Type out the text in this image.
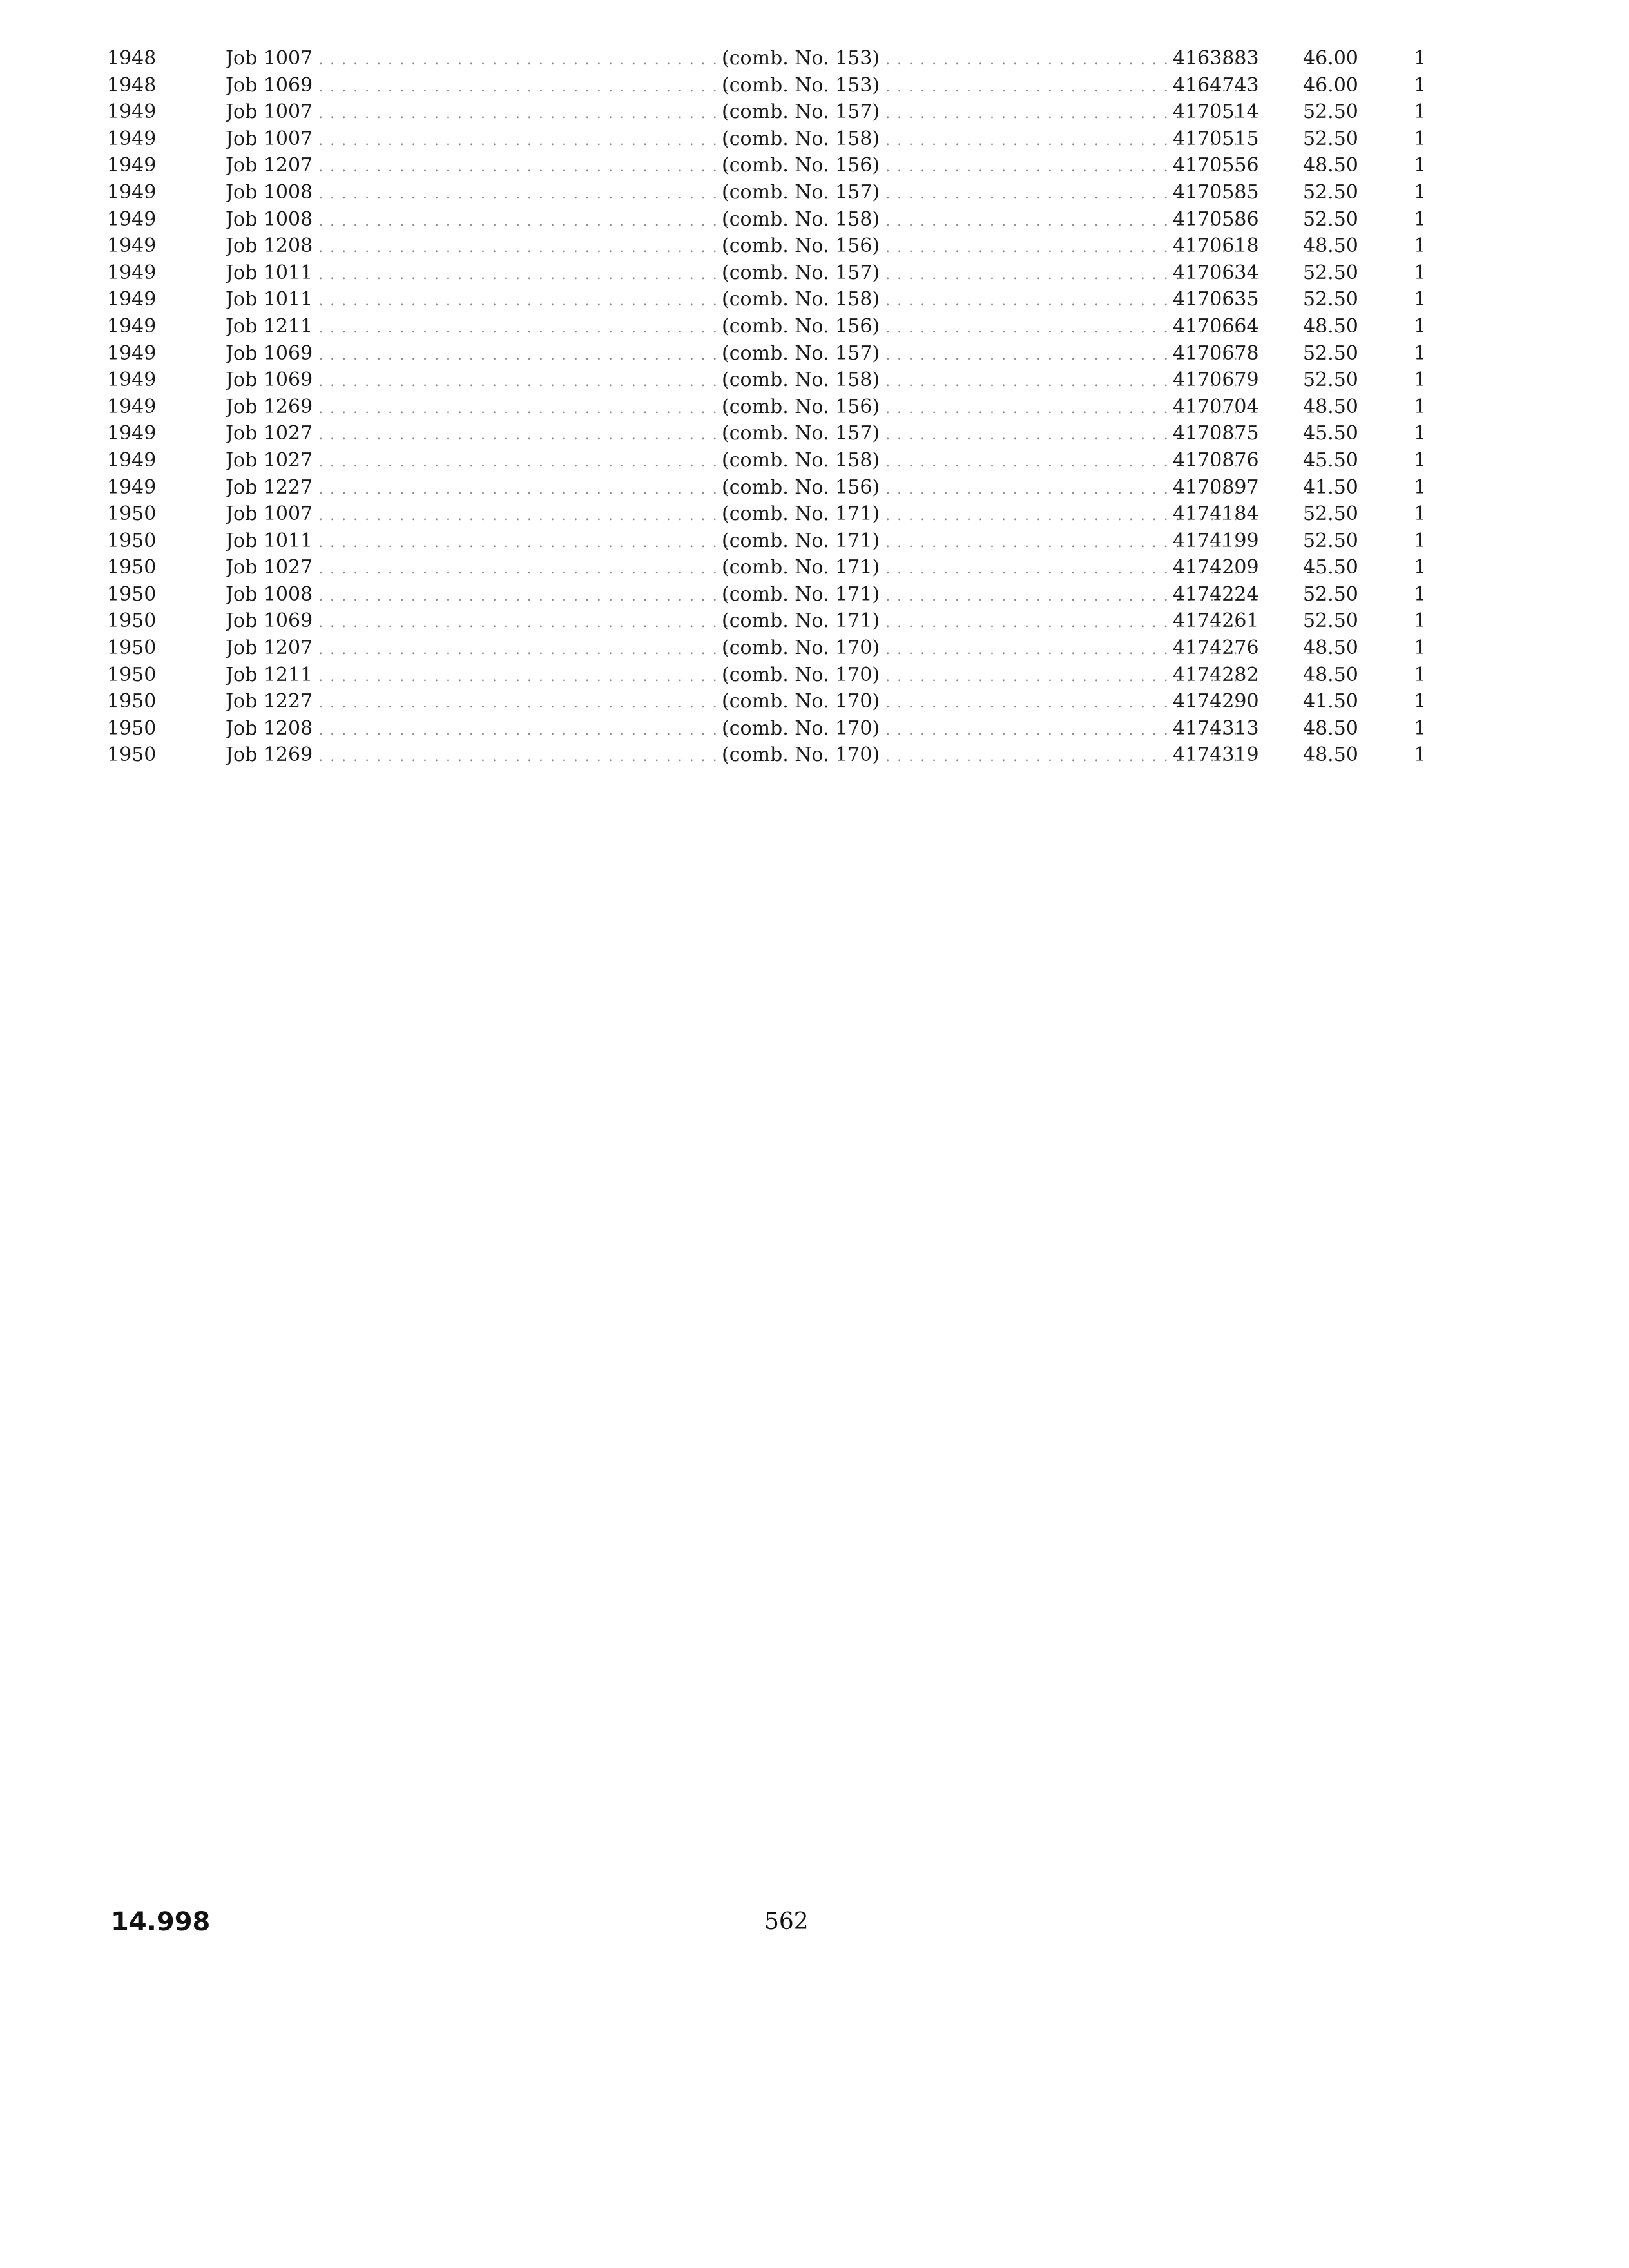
1948	Job 1007 . . .	(comb. No. 153) . . .	4163883	46.00	1
1948	Job 1069 . . .	(comb. No. 153) . . .	4164743	46.00	1
1949	Job 1007 . . .	(comb. No. 157) . . .	4170514	52.50	1
1949	Job 1007 . . .	(comb. No. 158) . . .	4170515	52.50	1
1949	Job 1207 . . .	(comb. No. 156) . . .	4170556	48.50	1
1949	Job 1008 . . .	(comb. No. 157) . . .	4170585	52.50	1
1949	Job 1008 . . .	(comb. No. 158) . . .	4170586	52.50	1
1949	Job 1208 . . .	(comb. No. 156) . . .	4170618	48.50	1
1949	Job 1011 . . .	(comb. No. 157) . . .	4170634	52.50	1
1949	Job 1011 . . .	(comb. No. 158) . . .	4170635	52.50	1
1949	Job 1211 . . .	(comb. No. 156) . . .	4170664	48.50	1
1949	Job 1069 . . .	(comb. No. 157) . . .	4170678	52.50	1
1949	Job 1069 . . .	(comb. No. 158) . . .	4170679	52.50	1
1949	Job 1269 . . .	(comb. No. 156) . . .	4170704	48.50	1
1949	Job 1027 . . .	(comb. No. 157) . . .	4170875	45.50	1
1949	Job 1027 . . .	(comb. No. 158) . . .	4170876	45.50	1
1949	Job 1227 . . .	(comb. No. 156) . . .	4170897	41.50	1
1950	Job 1007 . . .	(comb. No. 171) . . .	4174184	52.50	1
1950	Job 1011 . . .	(comb. No. 171) . . .	4174199	52.50	1
1950	Job 1027 . . .	(comb. No. 171) . . .	4174209	45.50	1
1950	Job 1008 . . .	(comb. No. 171) . . .	4174224	52.50	1
1950	Job 1069 . . .	(comb. No. 171) . . .	4174261	52.50	1
1950	Job 1207 . . .	(comb. No. 170) . . .	4174276	48.50	1
1950	Job 1211 . . .	(comb. No. 170) . . .	4174282	48.50	1
1950	Job 1227 . . .	(comb. No. 170) . . .	4174290	41.50	1
1950	Job 1208 . . .	(comb. No. 170) . . .	4174313	48.50	1
1950	Job 1269 . . .	(comb. No. 170) . . .	4174319	48.50	1
14.998	562
